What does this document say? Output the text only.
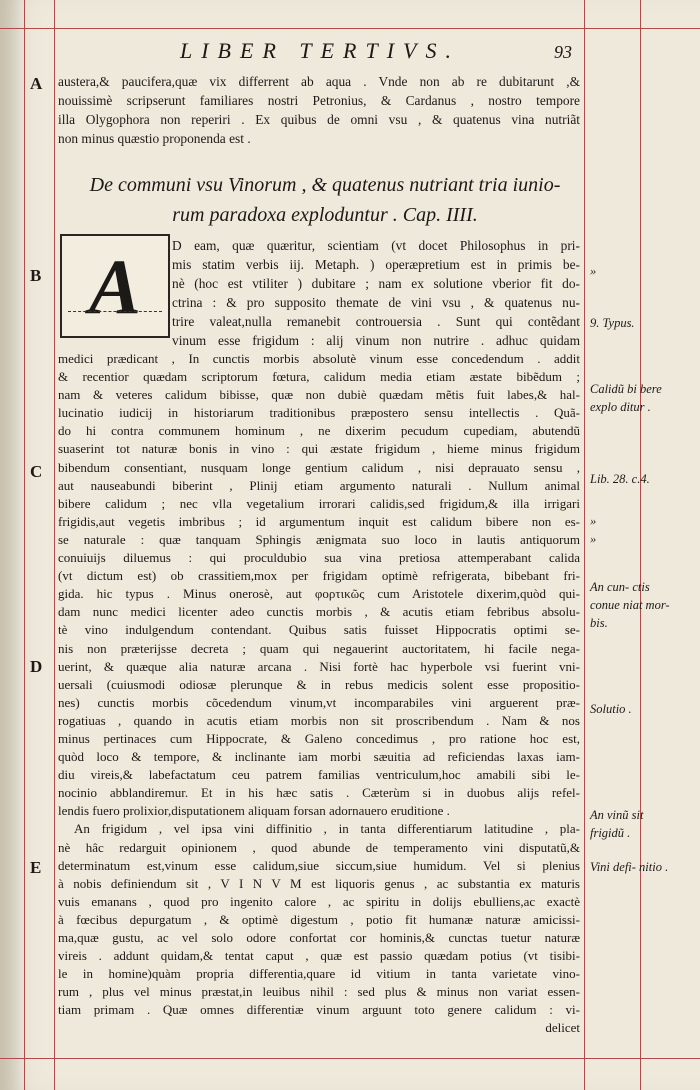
LIBER TERTIVS.	93
A
B
C
D
E
austera,& paucifera,quæ vix differrent ab aqua . Vnde non ab re dubitarunt ,&
nouissimè scripserunt familiares nostri Petronius, & Cardanus , nostro tempore
illa Olygophora non reperiri . Ex quibus de omni vsu , & quatenus vina nutriãt
non minus quæstio proponenda est .
De communi vsu Vinorum , & quatenus nutriant tria iunio-
rum paradoxa exploduntur . Cap. IIII.
A	D eam, quæ quæritur, scientiam (vt docet Philosophus in pri-
mis statim verbis iij. Metaph. ) operæpretium est in primis be-
nè (hoc est vtiliter ) dubitare ; nam ex solutione vberior fit do-
ctrina : & pro supposito themate de vini vsu , & quatenus nu-
trire valeat,nulla remanebit controuersia . Sunt qui contẽdant
vinum esse frigidum : alij vinum non nutrire . adhuc quidam
medici prædicant , In cunctis morbis absolutè vinum esse concedendum . addit
& recentior quædam scriptorum fœtura, calidum media etiam æstate bibẽdum ;
nam & veteres calidum bibisse, quæ non dubiè quædam mẽtis fuit labes,& hal-
lucinatio iudicij in historiarum traditionibus præpostero sensu intellectis . Quã-
do hi contra communem hominum , ne dixerim pecudum cupediam, abutendũ
suaserint tot naturæ bonis in vino : qui æstate frigidum , hieme minus frigidum
bibendum consentiant, nusquam longe gentium calidum , nisi deprauato sensu ,
aut nauseabundi biberint , Plinij etiam argumento naturali . Nullum animal
bibere calidum ; nec vlla vegetalium irrorari calidis,sed frigidum,& illa irrigari
frigidis,aut vegetis imbribus ; id argumentum inquit est calidum bibere non es-
se naturale : quæ tanquam Sphingis ænigmata suo loco in lautis antiquorum
conuiuijs diluemus : qui proculdubio sua vina pretiosa attemperabant calida
(vt dictum est) ob crassitiem,mox per frigidam optimè refrigerata, bibebant fri-
gida. hic typus . Minus onerosè, aut φορτικῶς cum Aristotele dixerim,quòd qui-
dam nunc medici licenter adeo cunctis morbis , & acutis etiam febribus absolu-
tè vino indulgendum contendant. Quibus satis fuisset Hippocratis optimi se-
nis non præterijsse decreta ; quam qui negauerint auctoritatem, hi facile nega-
uerint, & quæque alia naturæ arcana . Nisi fortè hac hyperbole vsi fuerint vni-
uersali (cuiusmodi odiosæ plerunque & in rebus medicis solent esse propositio-
nes) cunctis morbis cõcedendum vinum,vt incomparabiles vini arguerent præ-
rogatiuas , quando in acutis etiam morbis non sit proscribendum . Nam & nos
minus pertinaces cum Hippocrate, & Galeno concedimus , pro ratione hoc est,
quòd loco & tempore, & inclinante iam morbi sæuitia ad reficiendas laxas iam-
diu vireis,& labefactatum ceu patrem familias ventriculum,hoc amabili sibi le-
nocinio abblandiremur. Et in his hæc satis . Cæterùm si in duobus alijs refel-
lendis fuero prolixior,disputationem aliquam forsan adornauero eruditione .
An frigidum , vel ipsa vini diffinitio , in tanta differentiarum latitudine , pla-
nè hâc redarguit opinionem , quod abunde de temperamento vini disputatũ,&
determinatum est,vinum esse calidum,siue siccum,siue humidum. Vel si plenius
à nobis definiendum sit , V I N V M est liquoris genus , ac substantia ex maturis
vuis emanans , quod pro ingenito calore , ac spiritu in dolijs ebulliens,ac exactè
à fœcibus depurgatum , & optimè digestum , potio fit humanæ naturæ amicissi-
ma,quæ gustu, ac vel solo odore confortat cor hominis,& cunctas tuetur naturæ
vireis . addunt quidam,& tentat caput , quæ est passio quædam potius (vt tisibi-
le in homine)quàm propria differentia,quare id vitium in tanta varietate vino-
rum , plus vel minus præstat,in leuibus nihil : sed plus & minus non variat essen-
tiam primam . Quæ omnes differentiæ vinum arguunt toto genere calidum : vi-
delicet
»
9. Typus.
Calidũ bi bere explo ditur .
Lib. 28. c.4.
»
»
An cun- ctis conue niat mor- bis.
Solutio .
An vinũ sit frigidũ .
Vini defi- nitio .
